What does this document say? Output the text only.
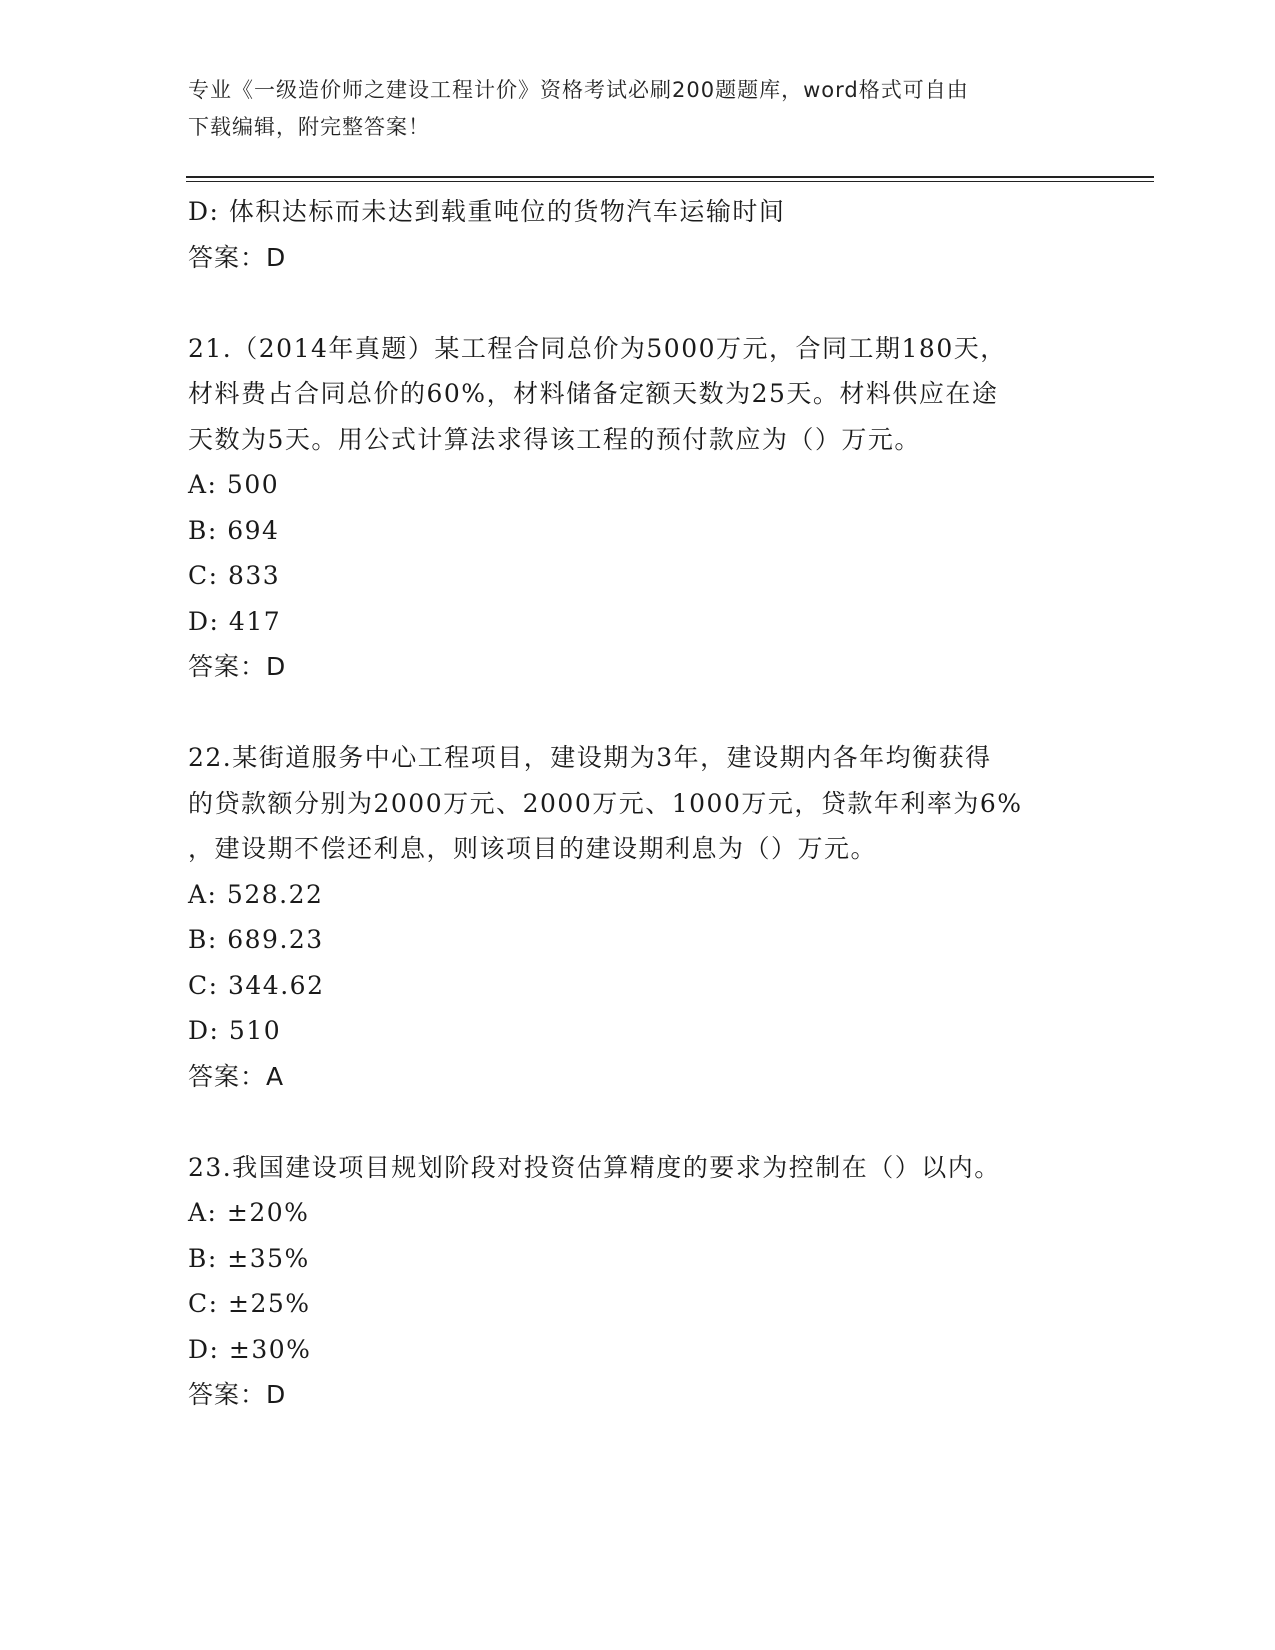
专业《一级造价师之建设工程计价》资格考试必刷200题题库，word格式可自由
下载编辑，附完整答案！
D: 体积达标而未达到载重吨位的货物汽车运输时间
答案：D
21.（2014年真题）某工程合同总价为5000万元，合同工期180天，
材料费占合同总价的60%，材料储备定额天数为25天。材料供应在途
天数为5天。用公式计算法求得该工程的预付款应为（）万元。
A: 500
B: 694
C: 833
D: 417
答案：D
22.某街道服务中心工程项目，建设期为3年，建设期内各年均衡获得
的贷款额分别为2000万元、2000万元、1000万元，贷款年利率为6%
，建设期不偿还利息，则该项目的建设期利息为（）万元。
A: 528.22
B: 689.23
C: 344.62
D: 510
答案：A
23.我国建设项目规划阶段对投资估算精度的要求为控制在（）以内。
A: ±20%
B: ±35%
C: ±25%
D: ±30%
答案：D
